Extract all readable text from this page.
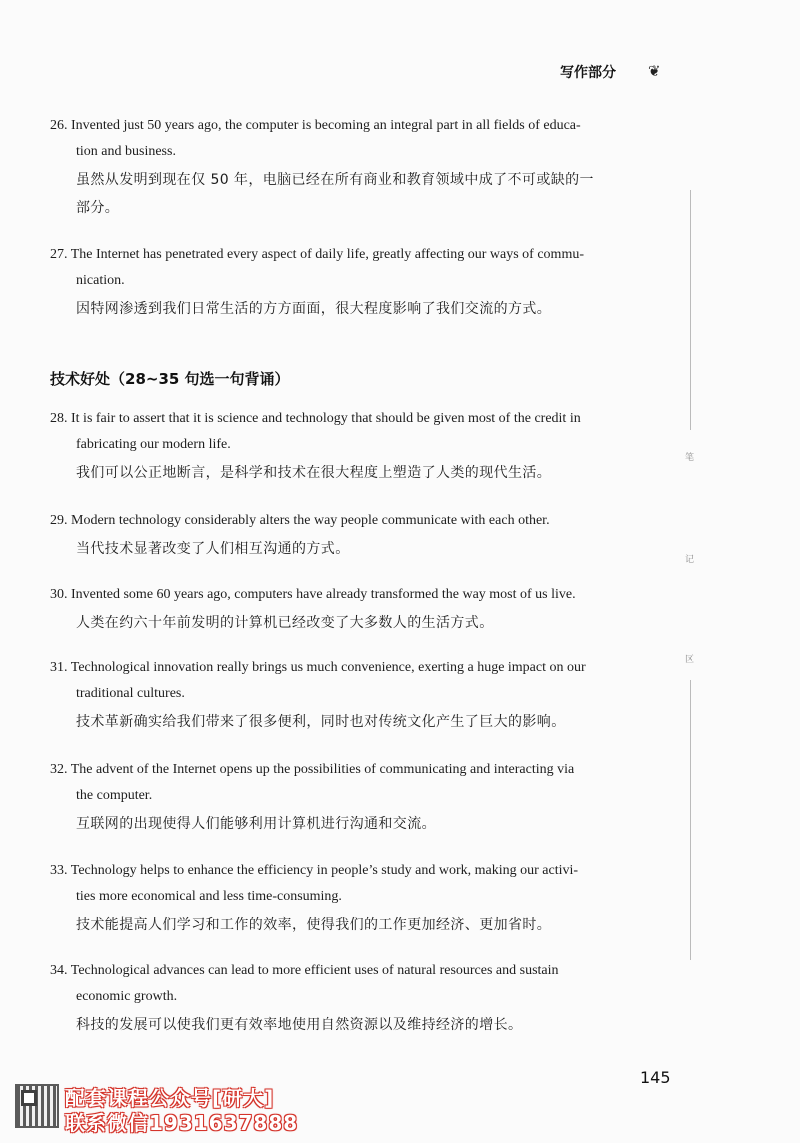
写作部分 ❦
26. Invented just 50 years ago, the computer is becoming an integral part in all fields of educa-
tion and business.
虽然从发明到现在仅 50 年，电脑已经在所有商业和教育领域中成了不可或缺的一
部分。
27. The Internet has penetrated every aspect of daily life, greatly affecting our ways of commu-
nication.
因特网渗透到我们日常生活的方方面面，很大程度影响了我们交流的方式。
技术好处（28~35 句选一句背诵）
28. It is fair to assert that it is science and technology that should be given most of the credit in
fabricating our modern life.
我们可以公正地断言，是科学和技术在很大程度上塑造了人类的现代生活。
29. Modern technology considerably alters the way people communicate with each other.
当代技术显著改变了人们相互沟通的方式。
30. Invented some 60 years ago, computers have already transformed the way most of us live.
人类在约六十年前发明的计算机已经改变了大多数人的生活方式。
31. Technological innovation really brings us much convenience, exerting a huge impact on our
traditional cultures.
技术革新确实给我们带来了很多便利，同时也对传统文化产生了巨大的影响。
32. The advent of the Internet opens up the possibilities of communicating and interacting via
the computer.
互联网的出现使得人们能够利用计算机进行沟通和交流。
33. Technology helps to enhance the efficiency in people’s study and work, making our activi-
ties more economical and less time-consuming.
技术能提高人们学习和工作的效率，使得我们的工作更加经济、更加省时。
34. Technological advances can lead to more efficient uses of natural resources and sustain
economic growth.
科技的发展可以使我们更有效率地使用自然资源以及维持经济的增长。
笔
记
区
145
配套课程公众号[研大]
联系微信1931637888
